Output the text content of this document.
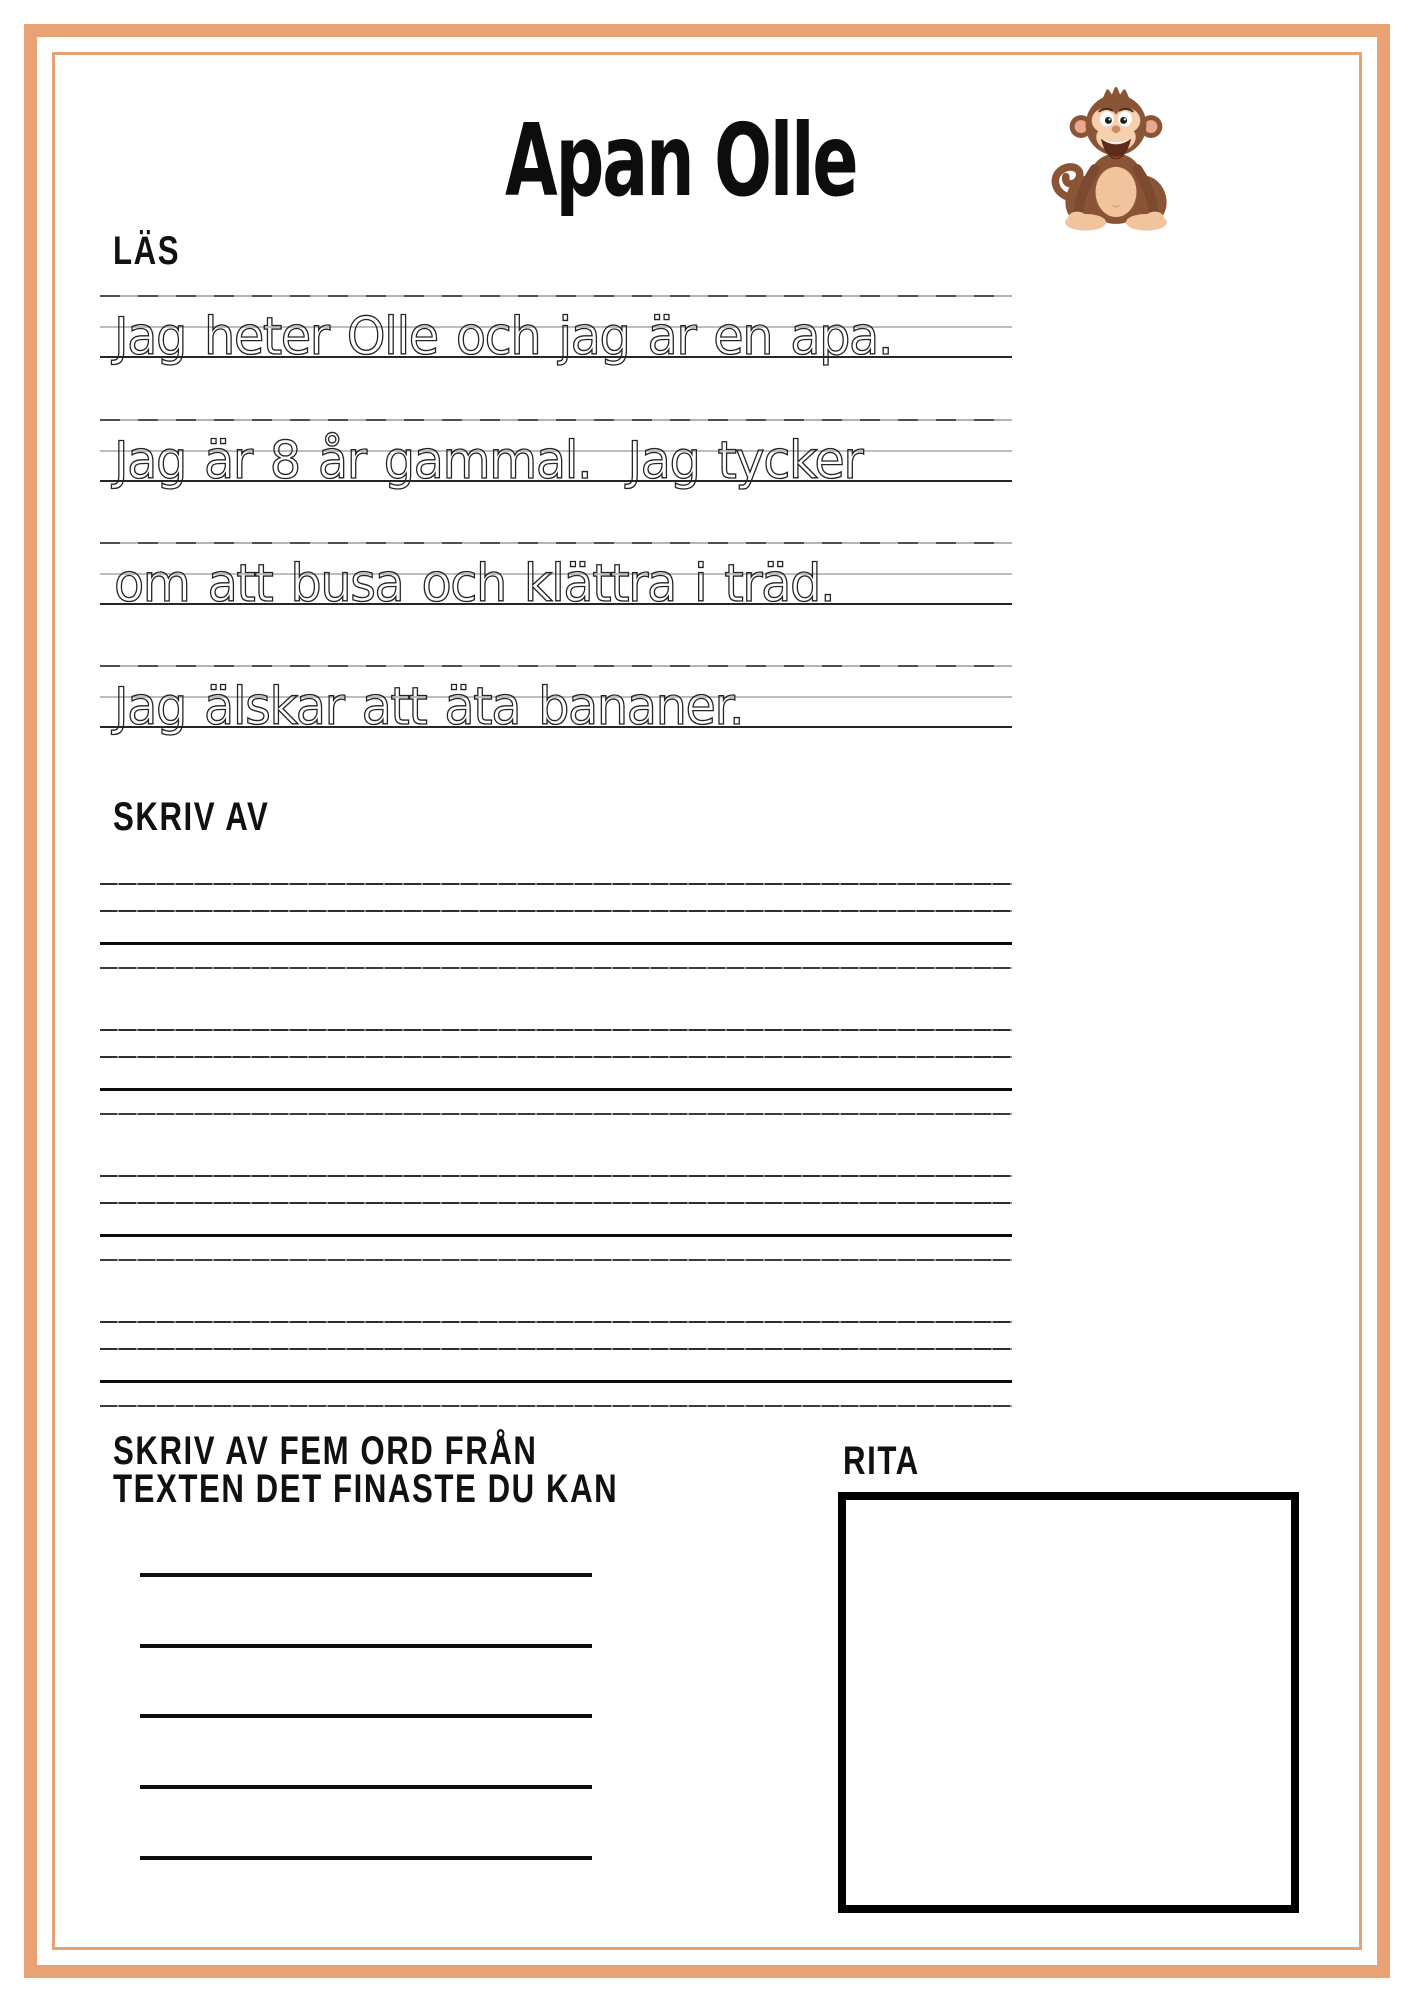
Apan Olle
LÄS
Jag heter Olle och jag är en apa.
Jag är 8 år gammal.  Jag tycker
om att busa och klättra i träd.
Jag älskar att äta bananer.
SKRIV AV
SKRIV AV FEM ORD FRÅN
TEXTEN DET FINASTE DU KAN
RITA
